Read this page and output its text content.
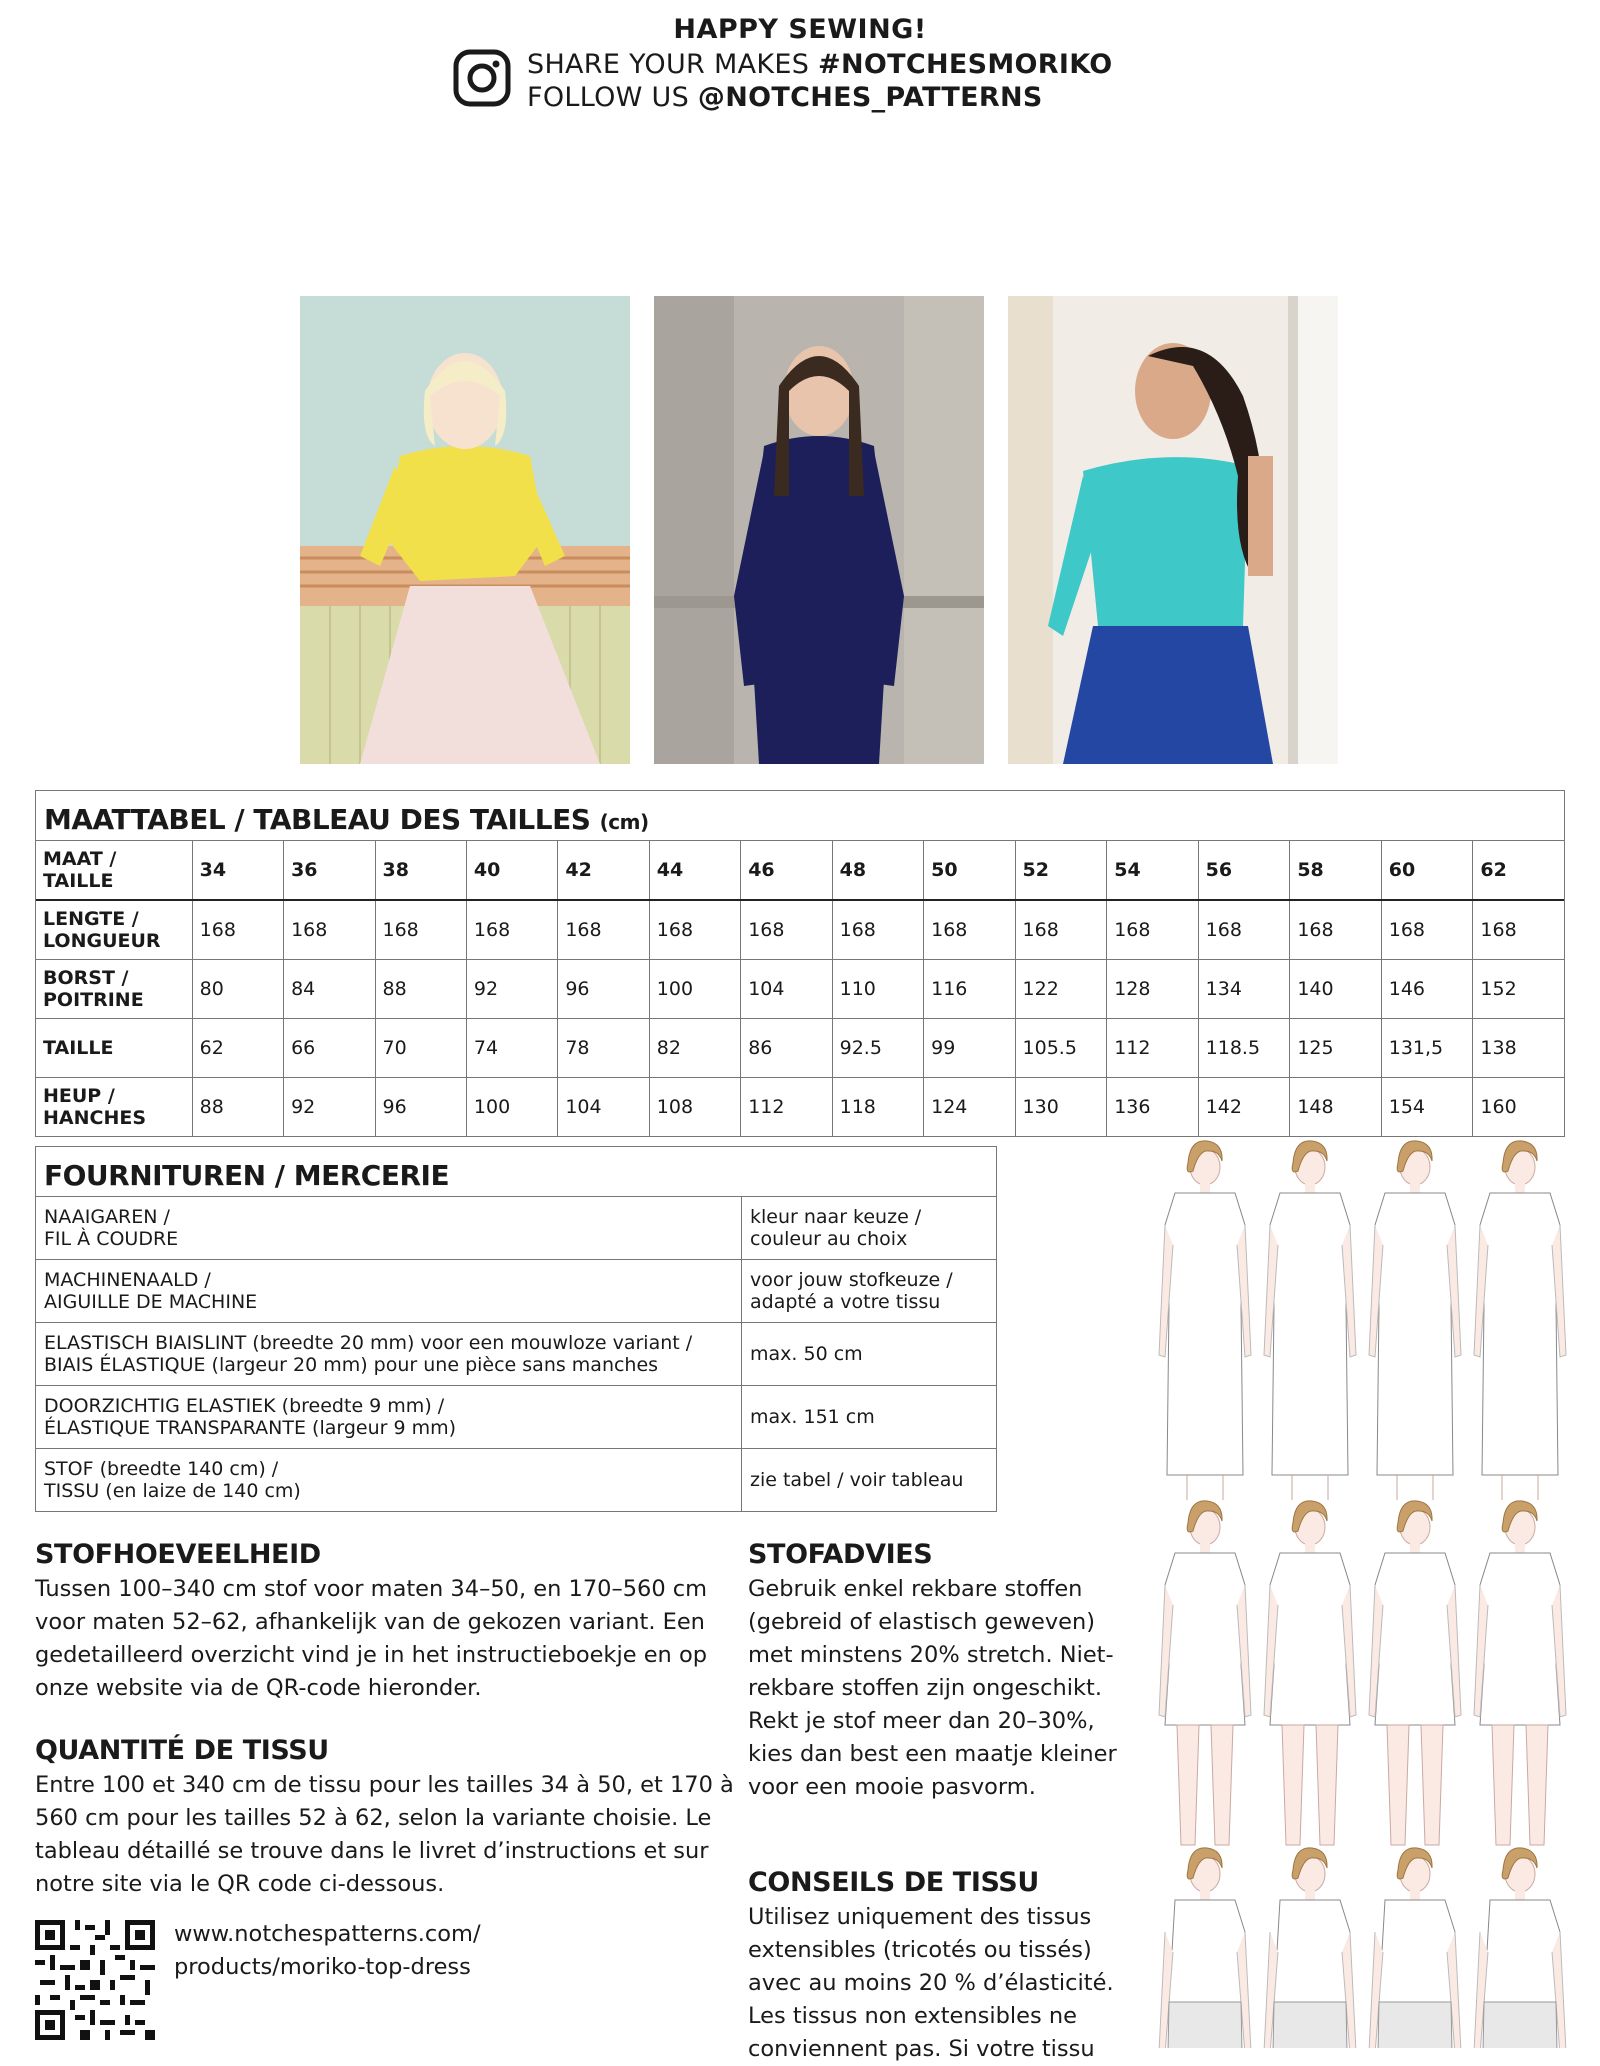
HAPPY SEWING!
SHARE YOUR MAKES #NOTCHESMORIKO
FOLLOW US @NOTCHES_PATTERNS
MAATTABEL / TABLEAU DES TAILLES (cm)
MAAT /
TAILLE	34	36	38	40	42	44	46	48	50	52	54	56	58	60	62
LENGTE /
LONGUEUR	168	168	168	168	168	168	168	168	168	168	168	168	168	168	168
BORST /
POITRINE	80	84	88	92	96	100	104	110	116	122	128	134	140	146	152
TAILLE	62	66	70	74	78	82	86	92.5	99	105.5	112	118.5	125	131,5	138
HEUP /
HANCHES	88	92	96	100	104	108	112	118	124	130	136	142	148	154	160
FOURNITUREN / MERCERIE
NAAIGAREN /
FIL À COUDRE	kleur naar keuze /
couleur au choix
MACHINENAALD /
AIGUILLE DE MACHINE	voor jouw stofkeuze /
adapté a votre tissu
ELASTISCH BIAISLINT (breedte 20 mm) voor een mouwloze variant /
BIAIS ÉLASTIQUE (largeur 20 mm) pour une pièce sans manches	max. 50 cm
DOORZICHTIG ELASTIEK (breedte 9 mm) /
ÉLASTIQUE TRANSPARANTE (largeur 9 mm)	max. 151 cm
STOF (breedte 140 cm) /
TISSU (en laize de 140 cm)	zie tabel / voir tableau
STOFHOEVEELHEID
Tussen 100–340 cm stof voor maten 34–50, en 170–560 cm voor maten 52–62, afhankelijk van de gekozen variant. Een gedetailleerd overzicht vind je in het instructieboekje en op onze website via de QR-code hieronder.
QUANTITÉ DE TISSU
Entre 100 et 340 cm de tissu pour les tailles 34 à 50, et 170 à 560 cm pour les tailles 52 à 62, selon la variante choisie. Le tableau détaillé se trouve dans le livret d’instructions et sur notre site via le QR code ci-dessous.
STOFADVIES
Gebruik enkel rekbare stoffen (gebreid of elastisch geweven) met minstens 20% stretch. Niet-rekbare stoffen zijn ongeschikt. Rekt je stof meer dan 20–30%, kies dan best een maatje kleiner voor een mooie pasvorm.
CONSEILS DE TISSU
Utilisez uniquement des tissus extensibles (tricotés ou tissés) avec au moins 20 % d’élasticité. Les tissus non extensibles ne conviennent pas. Si votre tissu
www.notchespatterns.com/
products/moriko-top-dress
